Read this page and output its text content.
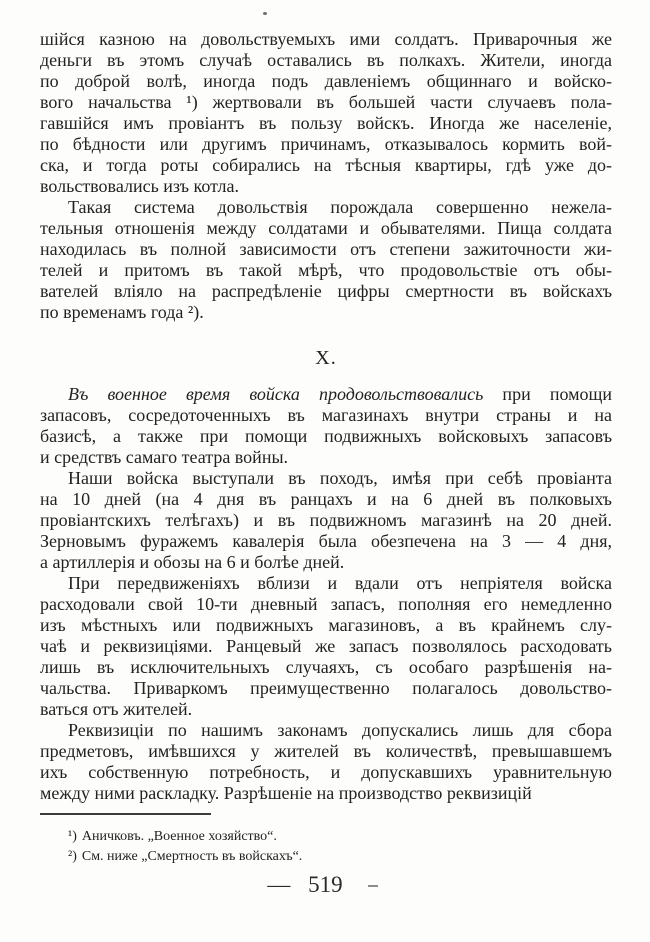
шійся казною на довольствуемыхъ ими солдатъ. Приварочныя же
деньги въ этомъ случаѣ оставались въ полкахъ. Жители, иногда
по доброй волѣ, иногда подъ давленіемъ общиннаго и войско-
вого начальства ¹) жертвовали въ большей части случаевъ пола-
гавшійся имъ провіантъ въ пользу войскъ. Иногда же населеніе,
по бѣдности или другимъ причинамъ, отказывалось кормить вой-
ска, и тогда роты собирались на тѣсныя квартиры, гдѣ уже до-
вольствовались изъ котла.
Такая система довольствія порождала совершенно нежела-
тельныя отношенія между солдатами и обывателями. Пища солдата
находилась въ полной зависимости отъ степени зажиточности жи-
телей и притомъ въ такой мѣрѣ, что продовольствіе отъ обы-
вателей вліяло на распредѣленіе цифры смертности въ войскахъ
по временамъ года ²).
X.
Въ военное время войска продовольствовались при помощи
запасовъ, сосредоточенныхъ въ магазинахъ внутри страны и на
базисѣ, а также при помощи подвижныхъ войсковыхъ запасовъ
и средствъ самаго театра войны.
Наши войска выступали въ походъ, имѣя при себѣ провіанта
на 10 дней (на 4 дня въ ранцахъ и на 6 дней въ полковыхъ
провіантскихъ телѣгахъ) и въ подвижномъ магазинѣ на 20 дней.
Зерновымъ фуражемъ кавалерія была обезпечена на 3 — 4 дня,
а артиллерія и обозы на 6 и болѣе дней.
При передвиженіяхъ вблизи и вдали отъ непріятеля войска
расходовали свой 10-ти дневный запасъ, пополняя его немедленно
изъ мѣстныхъ или подвижныхъ магазиновъ, а въ крайнемъ слу-
чаѣ и реквизиціями. Ранцевый же запасъ позволялось расходовать
лишь въ исключительныхъ случаяхъ, съ особаго разрѣшенія на-
чальства. Приваркомъ преимущественно полагалось довольство-
ваться отъ жителей.
Реквизиціи по нашимъ законамъ допускались лишь для сбора
предметовъ, имѣвшихся у жителей въ количествѣ, превышавшемъ
ихъ собственную потребность, и допускавшихъ уравнительную
между ними раскладку. Разрѣшеніе на производство реквизицій
¹) Аничковъ. „Военное хозяйство“.
²) См. ниже „Смертность въ войскахъ“.
— 519
